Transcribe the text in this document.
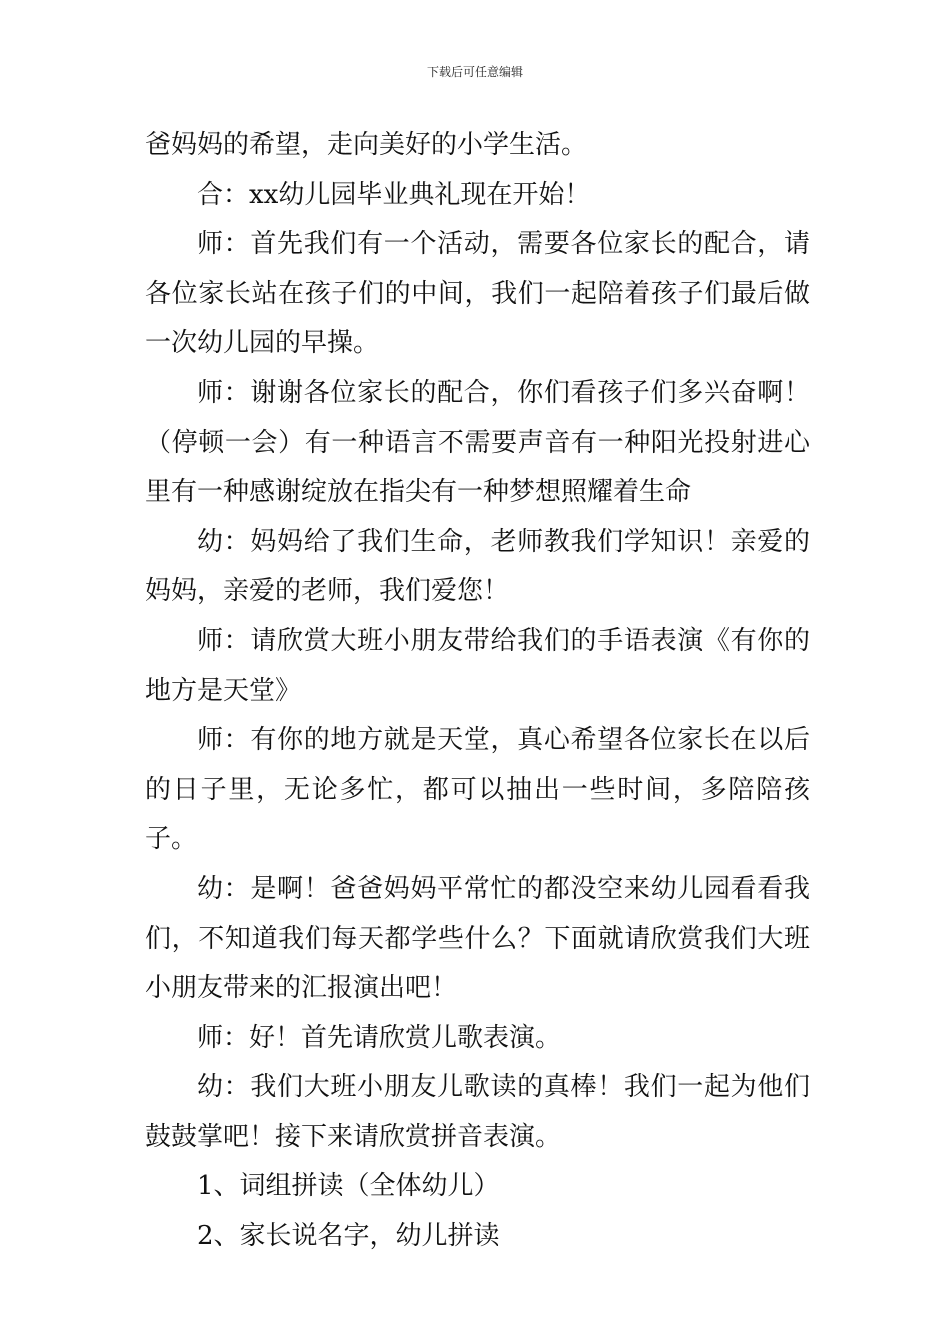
下载后可任意编辑

爸妈妈的希望，走向美好的小学生活。

合：xx幼儿园毕业典礼现在开始！

师：首先我们有一个活动，需要各位家长的配合，请各位家长站在孩子们的中间，我们一起陪着孩子们最后做一次幼儿园的早操。

师：谢谢各位家长的配合，你们看孩子们多兴奋啊！（停顿一会）有一种语言不需要声音有一种阳光投射进心里有一种感谢绽放在指尖有一种梦想照耀着生命

幼：妈妈给了我们生命，老师教我们学知识！亲爱的妈妈，亲爱的老师，我们爱您！

师：请欣赏大班小朋友带给我们的手语表演《有你的地方是天堂》

师：有你的地方就是天堂，真心希望各位家长在以后的日子里，无论多忙，都可以抽出一些时间，多陪陪孩子。

幼：是啊！爸爸妈妈平常忙的都没空来幼儿园看看我们，不知道我们每天都学些什么？下面就请欣赏我们大班小朋友带来的汇报演出吧！

师：好！首先请欣赏儿歌表演。

幼：我们大班小朋友儿歌读的真棒！我们一起为他们鼓鼓掌吧！接下来请欣赏拼音表演。

1、词组拼读（全体幼儿）

2、家长说名字，幼儿拼读
